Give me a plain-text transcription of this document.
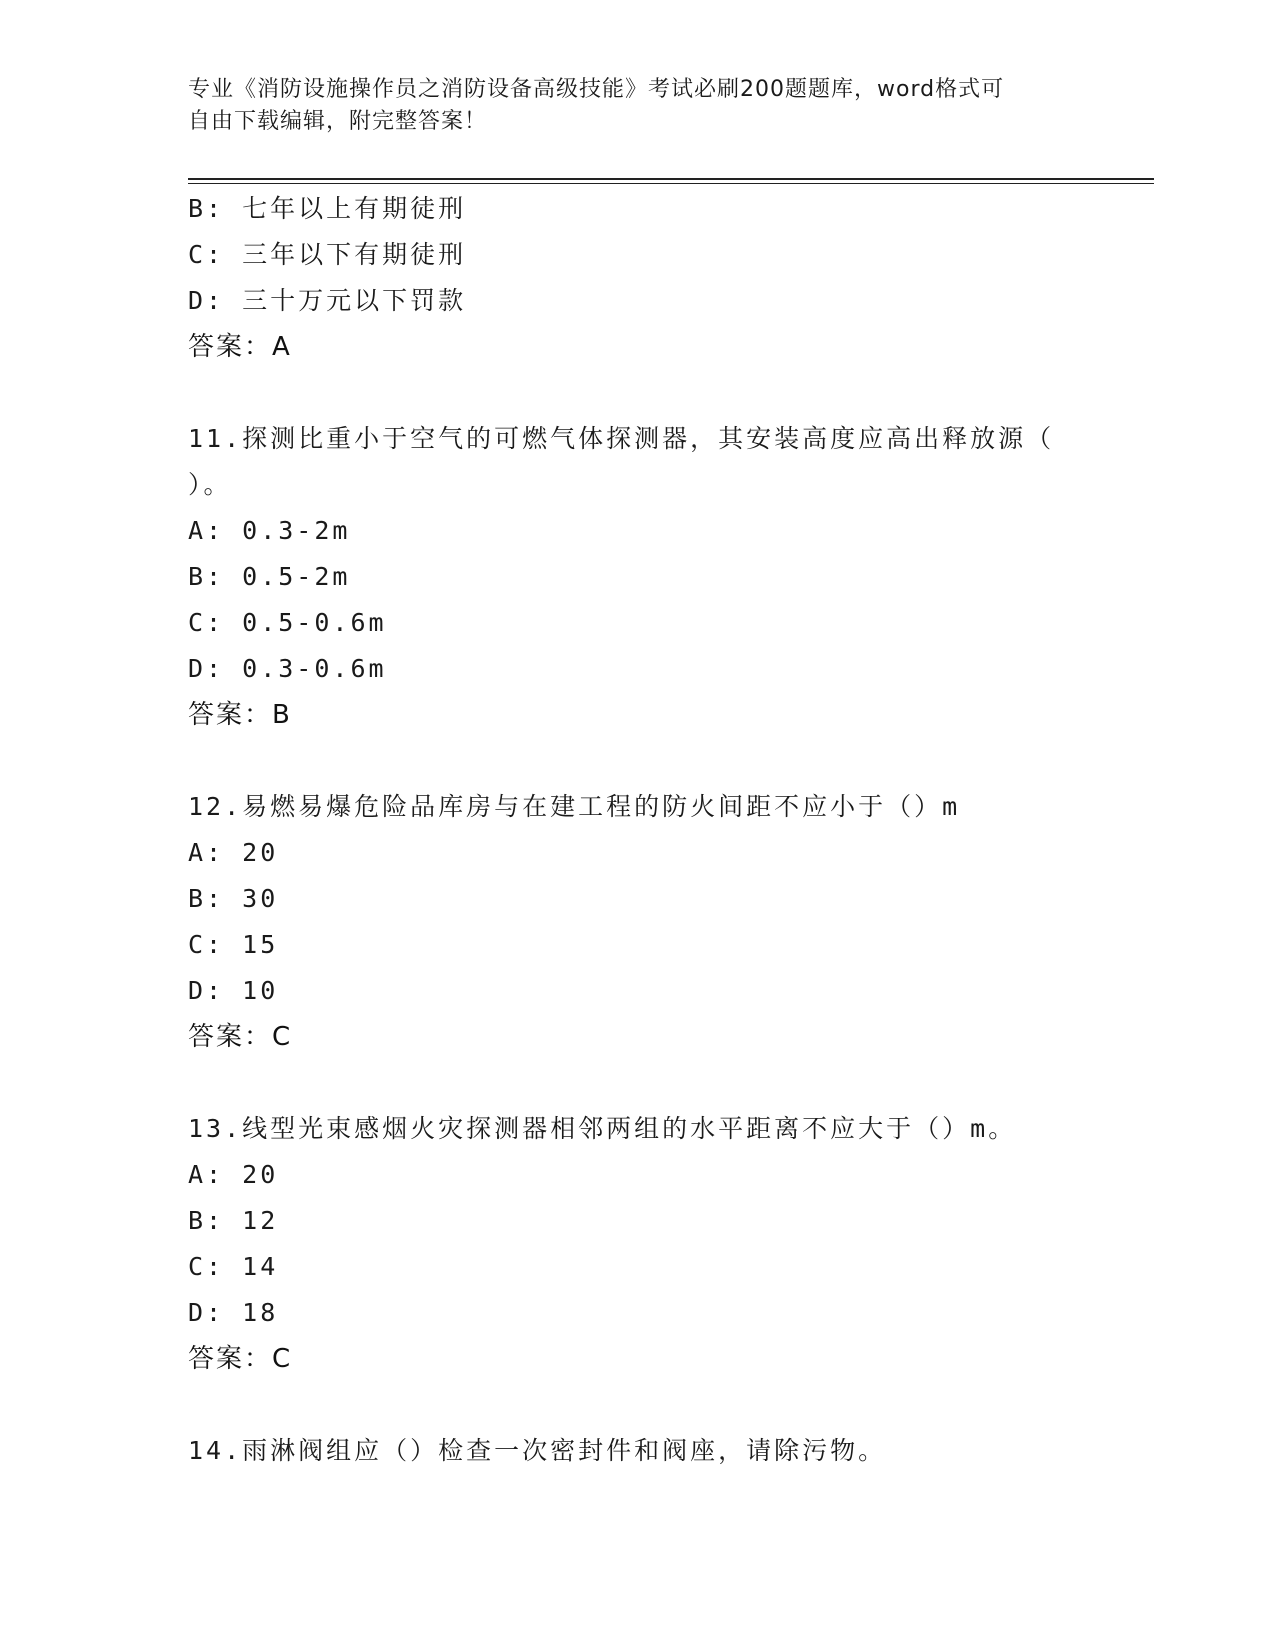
专业《消防设施操作员之消防设备高级技能》考试必刷200题题库，word格式可
自由下载编辑，附完整答案！
B: 七年以上有期徒刑
C: 三年以下有期徒刑
D: 三十万元以下罚款
答案：A
11.探测比重小于空气的可燃气体探测器，其安装高度应高出释放源（
）。
A: 0.3-2m
B: 0.5-2m
C: 0.5-0.6m
D: 0.3-0.6m
答案：B
12.易燃易爆危险品库房与在建工程的防火间距不应小于（）m
A: 20
B: 30
C: 15
D: 10
答案：C
13.线型光束感烟火灾探测器相邻两组的水平距离不应大于（）m。
A: 20
B: 12
C: 14
D: 18
答案：C
14.雨淋阀组应（）检查一次密封件和阀座，请除污物。
